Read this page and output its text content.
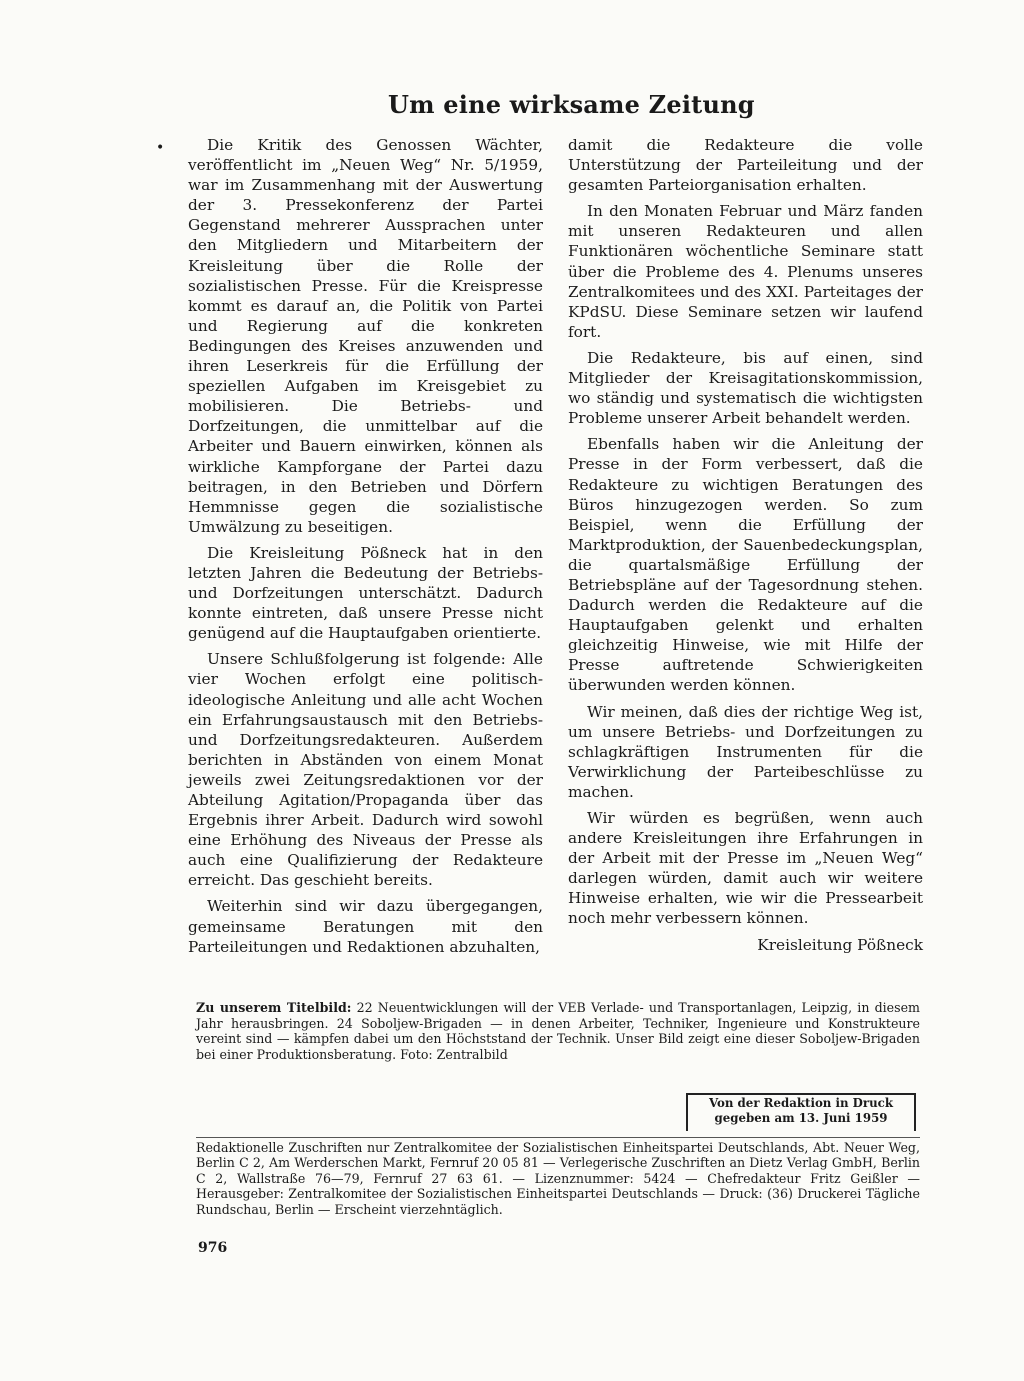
Um eine wirksame Zeitung
•	Die Kritik des Genossen Wächter, veröffentlicht im „Neuen Weg“ Nr. 5/1959, war im Zusammenhang mit der Auswertung der 3. Pressekonferenz der Partei Gegenstand mehrerer Aussprachen unter den Mitgliedern und Mitarbeitern der Kreisleitung über die Rolle der sozialistischen Presse. Für die Kreispresse kommt es darauf an, die Politik von Partei und Regierung auf die konkreten Bedingungen des Kreises anzuwenden und ihren Leserkreis für die Erfüllung der speziellen Aufgaben im Kreisgebiet zu mobilisieren. Die Betriebs- und Dorfzeitungen, die unmittelbar auf die Arbeiter und Bauern einwirken, können als wirkliche Kampforgane der Partei dazu beitragen, in den Betrieben und Dörfern Hemmnisse gegen die sozialistische Umwälzung zu beseitigen.

Die Kreisleitung Pößneck hat in den letzten Jahren die Bedeutung der Betriebs- und Dorfzeitungen unterschätzt. Dadurch konnte eintreten, daß unsere Presse nicht genügend auf die Hauptaufgaben orientierte.

Unsere Schlußfolgerung ist folgende: Alle vier Wochen erfolgt eine politisch-ideologische Anleitung und alle acht Wochen ein Erfahrungsaustausch mit den Betriebs- und Dorfzeitungsredakteuren. Außerdem berichten in Abständen von einem Monat jeweils zwei Zeitungsredaktionen vor der Abteilung Agitation/Propaganda über das Ergebnis ihrer Arbeit. Dadurch wird sowohl eine Erhöhung des Niveaus der Presse als auch eine Qualifizierung der Redakteure erreicht. Das geschieht bereits.

Weiterhin sind wir dazu übergegangen, gemeinsame Beratungen mit den Parteileitungen und Redaktionen abzuhalten,

damit die Redakteure die volle Unterstützung der Parteileitung und der gesamten Parteiorganisation erhalten.

In den Monaten Februar und März fanden mit unseren Redakteuren und allen Funktionären wöchentliche Seminare statt über die Probleme des 4. Plenums unseres Zentralkomitees und des XXI. Parteitages der KPdSU. Diese Seminare setzen wir laufend fort.

Die Redakteure, bis auf einen, sind Mitglieder der Kreisagitationskommission, wo ständig und systematisch die wichtigsten Probleme unserer Arbeit behandelt werden.

Ebenfalls haben wir die Anleitung der Presse in der Form verbessert, daß die Redakteure zu wichtigen Beratungen des Büros hinzugezogen werden. So zum Beispiel, wenn die Erfüllung der Marktproduktion, der Sauenbedeckungsplan, die quartalsmäßige Erfüllung der Betriebspläne auf der Tagesordnung stehen. Dadurch werden die Redakteure auf die Hauptaufgaben gelenkt und erhalten gleichzeitig Hinweise, wie mit Hilfe der Presse auftretende Schwierigkeiten überwunden werden können.

Wir meinen, daß dies der richtige Weg ist, um unsere Betriebs- und Dorfzeitungen zu schlagkräftigen Instrumenten für die Verwirklichung der Parteibeschlüsse zu machen.

Wir würden es begrüßen, wenn auch andere Kreisleitungen ihre Erfahrungen in der Arbeit mit der Presse im „Neuen Weg“ darlegen würden, damit auch wir weitere Hinweise erhalten, wie wir die Pressearbeit noch mehr verbessern können.

Kreisleitung Pößneck

Zu unserem Titelbild: 22 Neuentwicklungen will der VEB Verlade- und Transportanlagen, Leipzig, in diesem Jahr herausbringen. 24 Soboljew-Brigaden — in denen Arbeiter, Techniker, Ingenieure und Konstrukteure vereint sind — kämpfen dabei um den Höchststand der Technik. Unser Bild zeigt eine dieser Soboljew-Brigaden bei einer Produktionsberatung. Foto: Zentralbild
Von der Redaktion in Druck
gegeben am 13. Juni 1959
Redaktionelle Zuschriften nur Zentralkomitee der Sozialistischen Einheitspartei Deutschlands, Abt. Neuer Weg, Berlin C 2, Am Werderschen Markt, Fernruf 20 05 81 — Verlegerische Zuschriften an Dietz Verlag GmbH, Berlin C 2, Wallstraße 76—79, Fernruf 27 63 61. — Lizenznummer: 5424 — Chefredakteur Fritz Geißler — Herausgeber: Zentralkomitee der Sozialistischen Einheitspartei Deutschlands — Druck: (36) Druckerei Tägliche Rundschau, Berlin — Erscheint vierzehntäglich.
976
